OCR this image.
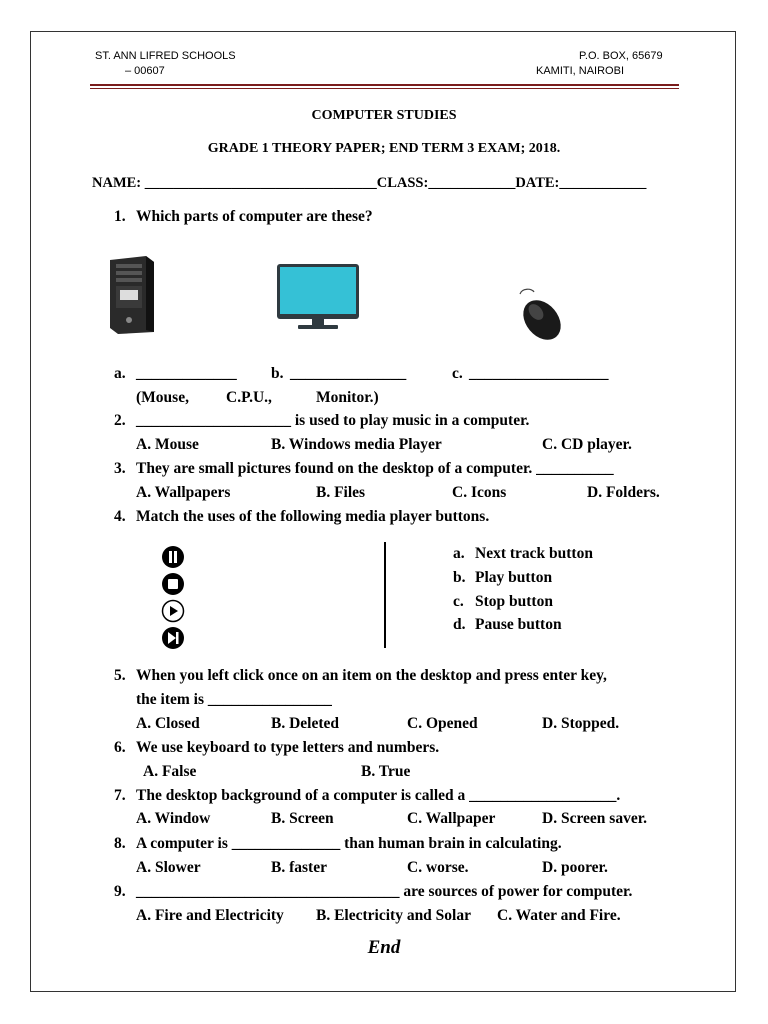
ST. ANN LIFRED SCHOOLS
– 00607
P.O. BOX, 65679
KAMITI, NAIROBI
COMPUTER STUDIES
GRADE 1 THEORY PAPER; END TERM 3 EXAM; 2018.
NAME: ________________________________CLASS:____________DATE:____________
1. Which parts of computer are these?
a. _____________ b. _______________	c. __________________
(Mouse, C.P.U.,	Monitor.)
2. ____________________ is used to play music in a computer.
A. Mouse	B. Windows media Player	C. CD player.
3. They are small pictures found on the desktop of a computer. __________
A. Wallpapers	B. Files	C. Icons	D. Folders.
4. Match the uses of the following media player buttons.
a. Next track button
b. Play button
c. Stop button
d. Pause button
5. When you left click once on an item on the desktop and press enter key,
the item is ________________
A. Closed	B. Deleted	C. Opened	D. Stopped.
6. We use keyboard to type letters and numbers.
A. False	B. True
7. The desktop background of a computer is called a ___________________.
A. Window	B. Screen	C. Wallpaper	D. Screen saver.
8. A computer is ______________ than human brain in calculating.
A. Slower	B. faster	C. worse.	D. poorer.
9. __________________________________ are sources of power for computer.
A. Fire and Electricity B. Electricity and Solar C. Water and Fire.
End
